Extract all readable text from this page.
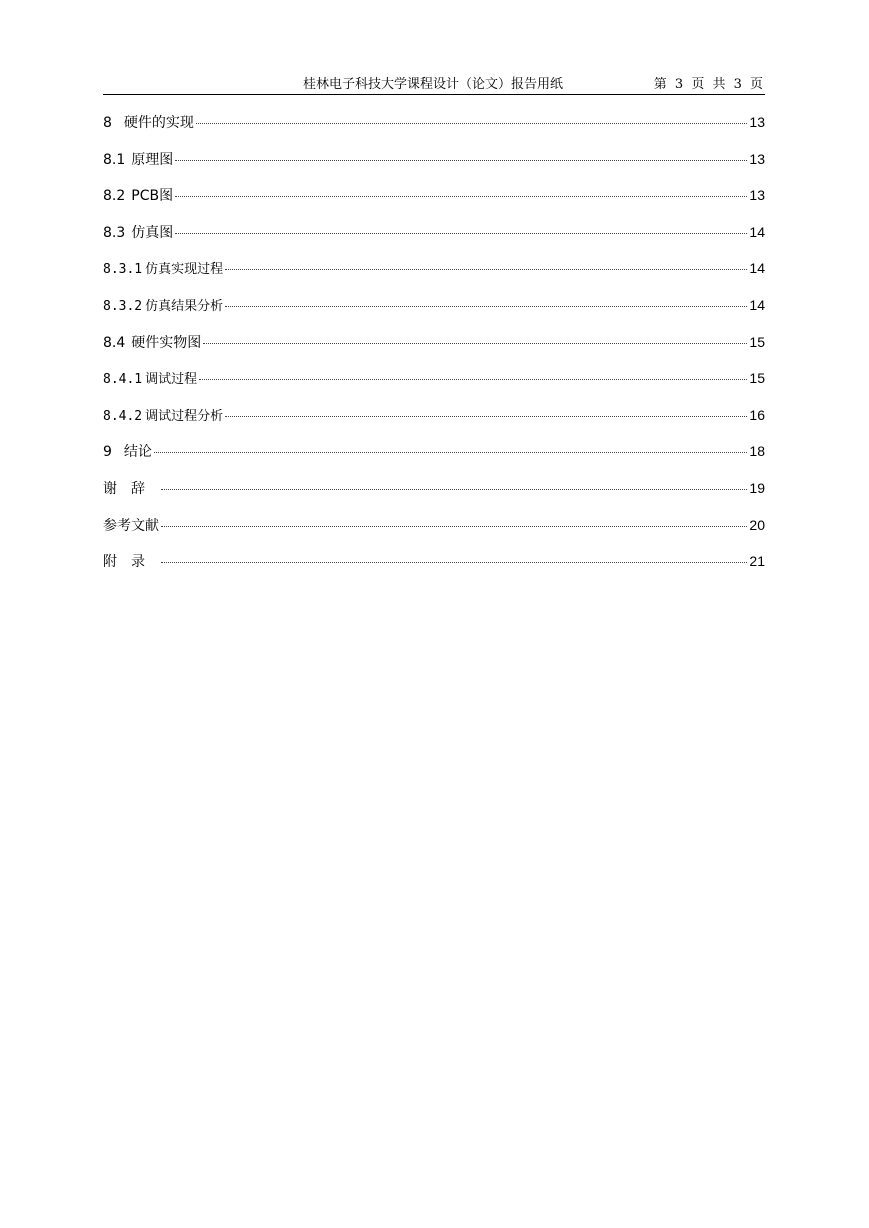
桂林电子科技大学课程设计（论文）报告用纸	第 3 页 共 3 页
8 硬件的实现	13
8.1 原理图	13
8.2 PCB图	13
8.3 仿真图	14
8.3.1 仿真实现过程	14
8.3.2 仿真结果分析	14
8.4 硬件实物图	15
8.4.1 调试过程	15
8.4.2 调试过程分析	16
9 结论	18
谢辞	19
参考文献	20
附录	21
